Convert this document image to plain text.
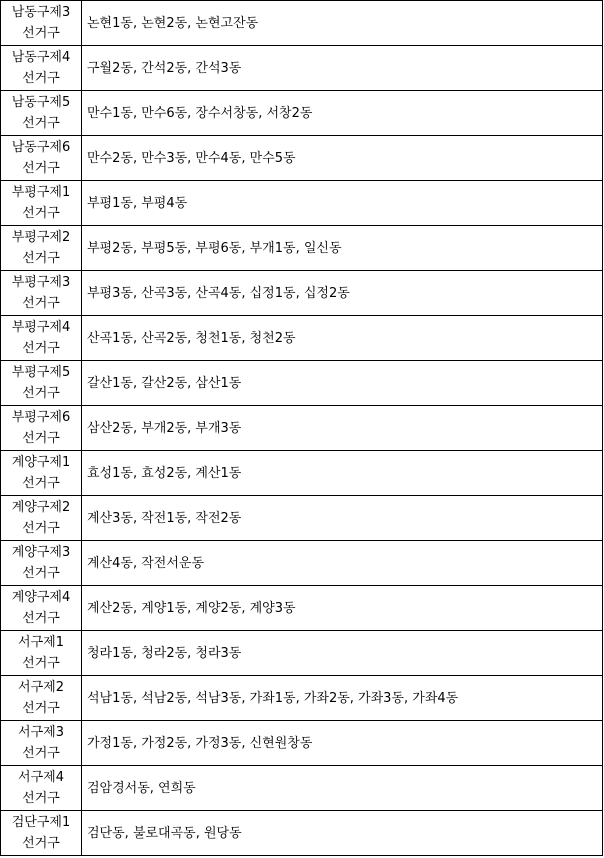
남동구제3
선거구	논현1동, 논현2동, 논현고잔동

남동구제4
선거구	구월2동, 간석2동, 간석3동

남동구제5
선거구	만수1동, 만수6동, 장수서창동, 서창2동

남동구제6
선거구	만수2동, 만수3동, 만수4동, 만수5동

부평구제1
선거구	부평1동, 부평4동

부평구제2
선거구	부평2동, 부평5동, 부평6동, 부개1동, 일신동

부평구제3
선거구	부평3동, 산곡3동, 산곡4동, 십정1동, 십정2동

부평구제4
선거구	산곡1동, 산곡2동, 청천1동, 청천2동

부평구제5
선거구	갈산1동, 갈산2동, 삼산1동

부평구제6
선거구	삼산2동, 부개2동, 부개3동

계양구제1
선거구	효성1동, 효성2동, 계산1동

계양구제2
선거구	계산3동, 작전1동, 작전2동

계양구제3
선거구	계산4동, 작전서운동

계양구제4
선거구	계산2동, 계양1동, 계양2동, 계양3동

서구제1
선거구	청라1동, 청라2동, 청라3동

서구제2
선거구	석남1동, 석남2동, 석남3동, 가좌1동, 가좌2동, 가좌3동, 가좌4동

서구제3
선거구	가정1동, 가정2동, 가정3동, 신현원창동

서구제4
선거구	검암경서동, 연희동

검단구제1
선거구	검단동, 불로대곡동, 원당동
